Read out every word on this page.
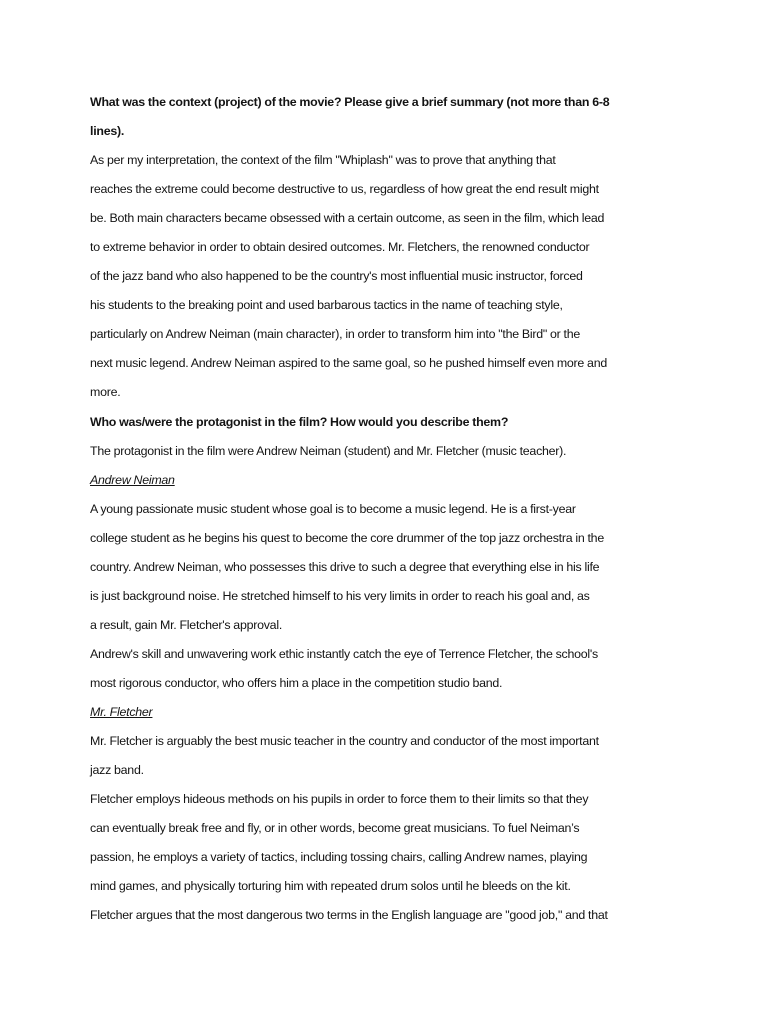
What was the context (project) of the movie? Please give a brief summary (not more than 6-8
lines).
As per my interpretation, the context of the film "Whiplash" was to prove that anything that
reaches the extreme could become destructive to us, regardless of how great the end result might
be. Both main characters became obsessed with a certain outcome, as seen in the film, which lead
to extreme behavior in order to obtain desired outcomes. Mr. Fletchers, the renowned conductor
of the jazz band who also happened to be the country's most influential music instructor, forced
his students to the breaking point and used barbarous tactics in the name of teaching style,
particularly on Andrew Neiman (main character), in order to transform him into "the Bird" or the
next music legend. Andrew Neiman aspired to the same goal, so he pushed himself even more and
more.
Who was/were the protagonist in the film? How would you describe them?
The protagonist in the film were Andrew Neiman (student) and Mr. Fletcher (music teacher).
Andrew Neiman
A young passionate music student whose goal is to become a music legend. He is a first-year
college student as he begins his quest to become the core drummer of the top jazz orchestra in the
country. Andrew Neiman, who possesses this drive to such a degree that everything else in his life
is just background noise. He stretched himself to his very limits in order to reach his goal and, as
a result, gain Mr. Fletcher's approval.
Andrew's skill and unwavering work ethic instantly catch the eye of Terrence Fletcher, the school's
most rigorous conductor, who offers him a place in the competition studio band.
Mr. Fletcher
Mr. Fletcher is arguably the best music teacher in the country and conductor of the most important
jazz band.
Fletcher employs hideous methods on his pupils in order to force them to their limits so that they
can eventually break free and fly, or in other words, become great musicians. To fuel Neiman’s
passion, he employs a variety of tactics, including tossing chairs, calling Andrew names, playing
mind games, and physically torturing him with repeated drum solos until he bleeds on the kit.
Fletcher argues that the most dangerous two terms in the English language are "good job," and that
